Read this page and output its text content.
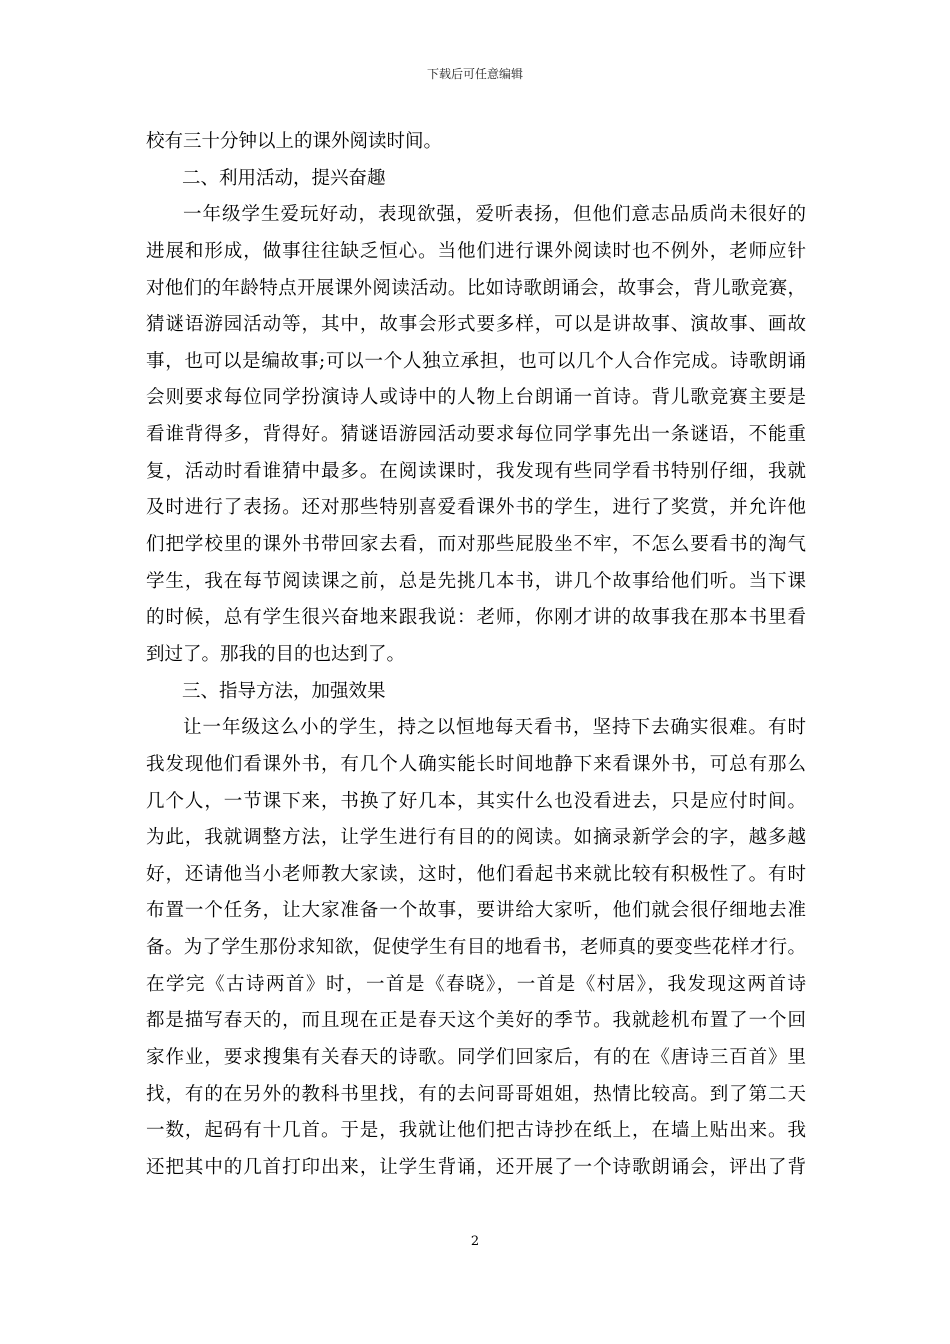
下载后可任意编辑
校有三十分钟以上的课外阅读时间。
二、利用活动，提兴奋趣
一年级学生爱玩好动，表现欲强，爱听表扬，但他们意志品质尚未很好的
进展和形成，做事往往缺乏恒心。当他们进行课外阅读时也不例外，老师应针
对他们的年龄特点开展课外阅读活动。比如诗歌朗诵会，故事会，背儿歌竞赛，
猜谜语游园活动等，其中，故事会形式要多样，可以是讲故事、演故事、画故
事，也可以是编故事;可以一个人独立承担，也可以几个人合作完成。诗歌朗诵
会则要求每位同学扮演诗人或诗中的人物上台朗诵一首诗。背儿歌竞赛主要是
看谁背得多，背得好。猜谜语游园活动要求每位同学事先出一条谜语，不能重
复，活动时看谁猜中最多。在阅读课时，我发现有些同学看书特别仔细，我就
及时进行了表扬。还对那些特别喜爱看课外书的学生，进行了奖赏，并允许他
们把学校里的课外书带回家去看，而对那些屁股坐不牢，不怎么要看书的淘气
学生，我在每节阅读课之前，总是先挑几本书，讲几个故事给他们听。当下课
的时候，总有学生很兴奋地来跟我说：老师，你刚才讲的故事我在那本书里看
到过了。那我的目的也达到了。
三、指导方法，加强效果
让一年级这么小的学生，持之以恒地每天看书，坚持下去确实很难。有时
我发现他们看课外书，有几个人确实能长时间地静下来看课外书，可总有那么
几个人，一节课下来，书换了好几本，其实什么也没看进去，只是应付时间。
为此，我就调整方法，让学生进行有目的的阅读。如摘录新学会的字，越多越
好，还请他当小老师教大家读，这时，他们看起书来就比较有积极性了。有时
布置一个任务，让大家准备一个故事，要讲给大家听，他们就会很仔细地去准
备。为了学生那份求知欲，促使学生有目的地看书，老师真的要变些花样才行。
在学完《古诗两首》时，一首是《春晓》，一首是《村居》，我发现这两首诗
都是描写春天的，而且现在正是春天这个美好的季节。我就趁机布置了一个回
家作业，要求搜集有关春天的诗歌。同学们回家后，有的在《唐诗三百首》里
找，有的在另外的教科书里找，有的去问哥哥姐姐，热情比较高。到了第二天
一数，起码有十几首。于是，我就让他们把古诗抄在纸上，在墙上贴出来。我
还把其中的几首打印出来，让学生背诵，还开展了一个诗歌朗诵会，评出了背
2
